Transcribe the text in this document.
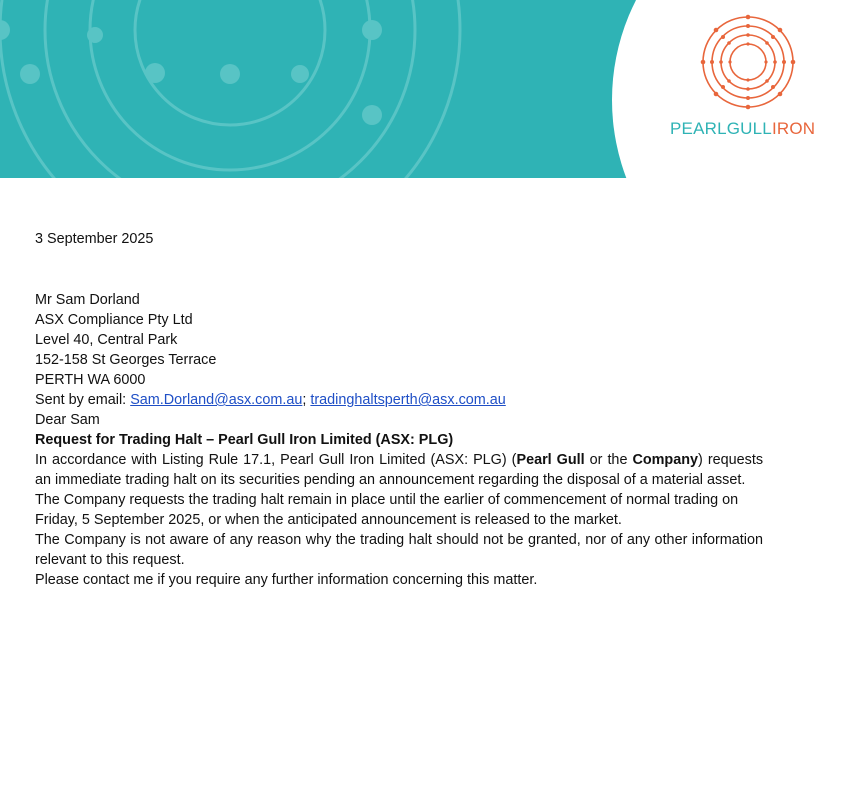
PEARLGULLIRON

3 September 2025

Mr Sam Dorland

ASX Compliance Pty Ltd

Level 40, Central Park

152-158 St Georges Terrace

PERTH WA 6000

Sent by email: Sam.Dorland@asx.com.au; tradinghaltsperth@asx.com.au

Dear Sam

Request for Trading Halt – Pearl Gull Iron Limited (ASX: PLG)

In accordance with Listing Rule 17.1, Pearl Gull Iron Limited (ASX: PLG) (Pearl Gull or the Company) requests an immediate trading halt on its securities pending an announcement regarding the disposal of a material asset.

The Company requests the trading halt remain in place until the earlier of commencement of normal trading on Friday, 5 September 2025, or when the anticipated announcement is released to the market.

The Company is not aware of any reason why the trading halt should not be granted, nor of any other information relevant to this request.

Please contact me if you require any further information concerning this matter.
